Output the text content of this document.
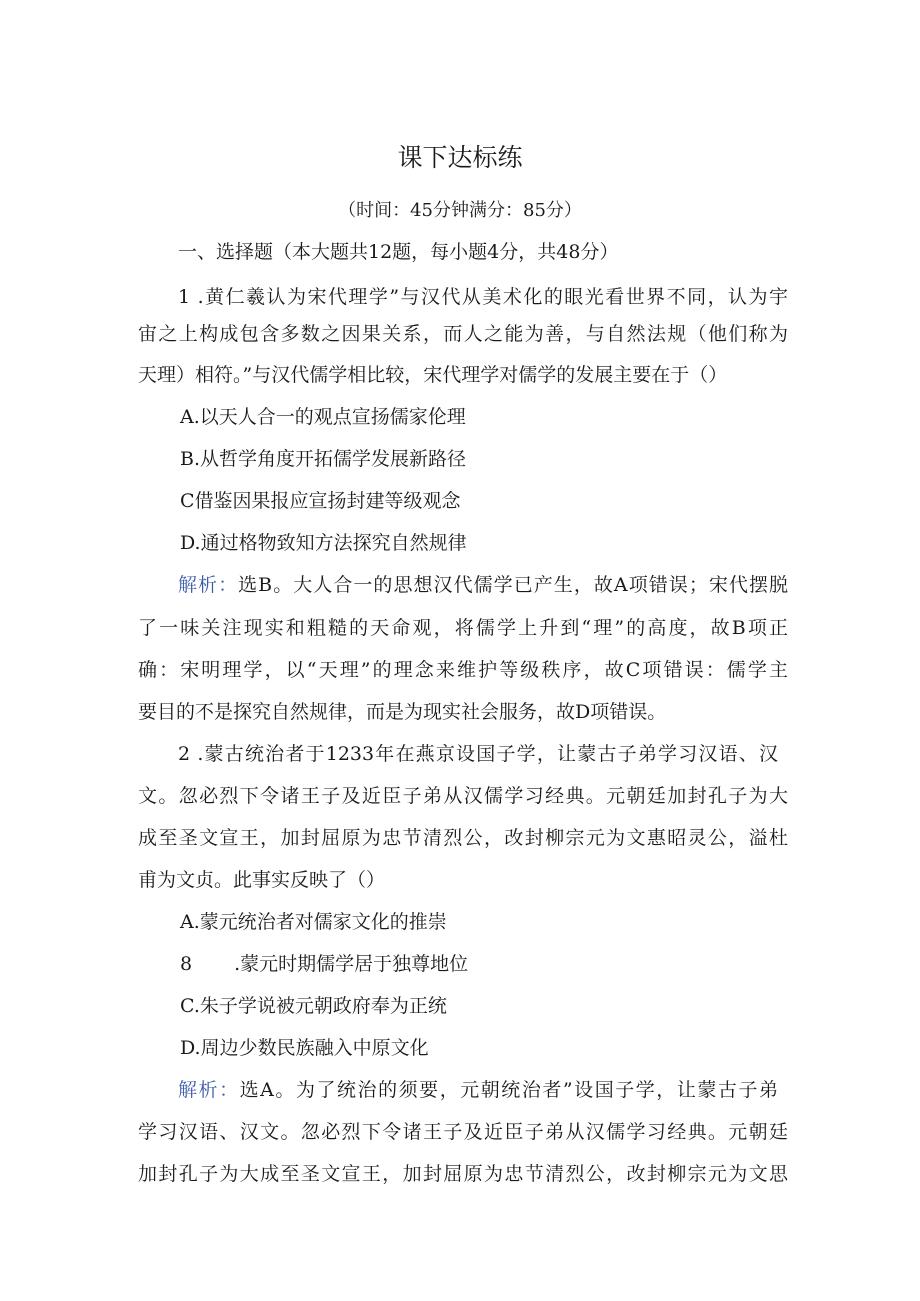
课下达标练
（时间：45分钟满分：85分）
一、选择题（本大题共12题，每小题4分，共48分）
1 .黄仁羲认为宋代理学”与汉代从美术化的眼光看世界不同，认为宇
宙之上构成包含多数之因果关系，而人之能为善，与自然法规（他们称为
天理）相符。”与汉代儒学相比较，宋代理学对儒学的发展主要在于（）
A.以天人合一的观点宣扬儒家伦理
B.从哲学角度开拓儒学发展新路径
C借鉴因果报应宣扬封建等级观念
D.通过格物致知方法探究自然规律
解析：选B。大人合一的思想汉代儒学已产生，故A项错误；宋代摆脱
了一味关注现实和粗糙的天命观，将儒学上升到“理”的高度，故B项正
确：宋明理学，以“天理”的理念来维护等级秩序，故C项错误：儒学主
要目的不是探究自然规律，而是为现实社会服务，故D项错误。
2 .蒙古统治者于1233年在燕京设国子学，让蒙古子弟学习汉语、汉
文。忽必烈下令诸王子及近臣子弟从汉儒学习经典。元朝廷加封孔子为大
成至圣文宣王，加封屈原为忠节清烈公，改封柳宗元为文惠昭灵公，溢杜
甫为文贞。此事实反映了（）
A.蒙元统治者对儒家文化的推崇
8 .蒙元时期儒学居于独尊地位
C.朱子学说被元朝政府奉为正统
D.周边少数民族融入中原文化
解析：选A。为了统治的须要，元朝统治者”设国子学，让蒙古子弟
学习汉语、汉文。忽必烈下令诸王子及近臣子弟从汉儒学习经典。元朝廷
加封孔子为大成至圣文宣王，加封屈原为忠节清烈公，改封柳宗元为文思
